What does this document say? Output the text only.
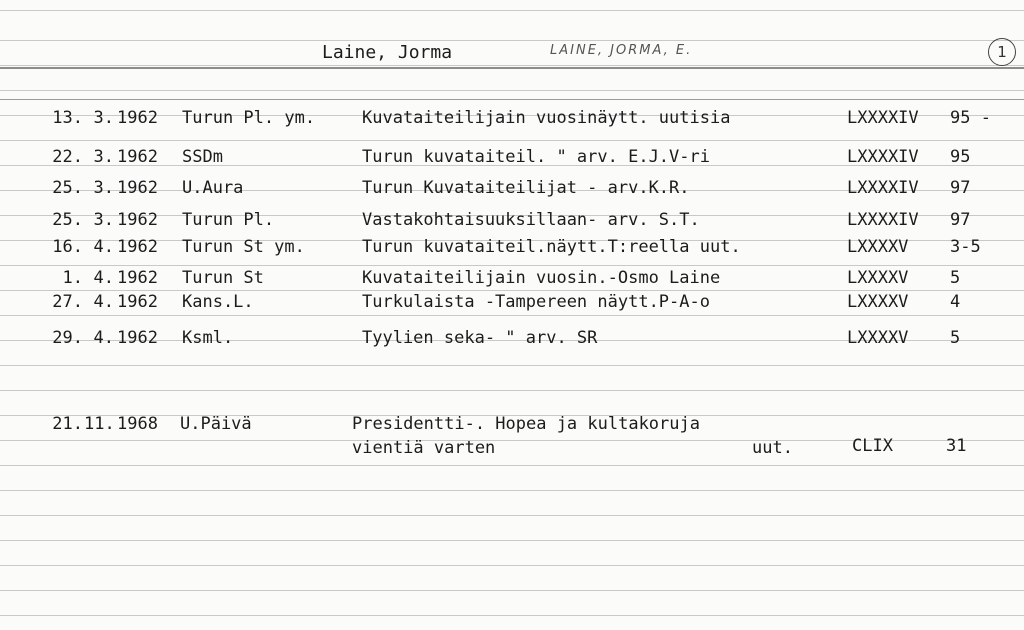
Laine, Jorma	LAINE, JORMA, E.	1
13. 3. 1962 Turun Pl. ym.	Kuvataiteilijain vuosinäytt. uutisia	LXXXXIV 95 -
22. 3. 1962 SSDm	Turun kuvataiteil. " arv. E.J.V-ri	LXXXXIV 95
25. 3. 1962 U.Aura	Turun Kuvataiteilijat - arv.K.R.	LXXXXIV 97
25. 3. 1962 Turun Pl.	Vastakohtaisuuksillaan- arv. S.T.	LXXXXIV 97
16. 4. 1962 Turun St ym.	Turun kuvataiteil.näytt.T:reella uut.	LXXXXV 3-5
1. 4. 1962 Turun St	Kuvataiteilijain vuosin.-Osmo Laine	LXXXXV 5
27. 4. 1962 Kans.L.	Turkulaista -Tampereen näytt.P-A-o	LXXXXV 4
29. 4. 1962 Ksml.	Tyylien seka- " arv. SR	LXXXXV 5
21. 11. 1968 U.Päivä	Presidentti-. Hopea ja kultakoruja
vientiä varten	uut.	CLIX	31
